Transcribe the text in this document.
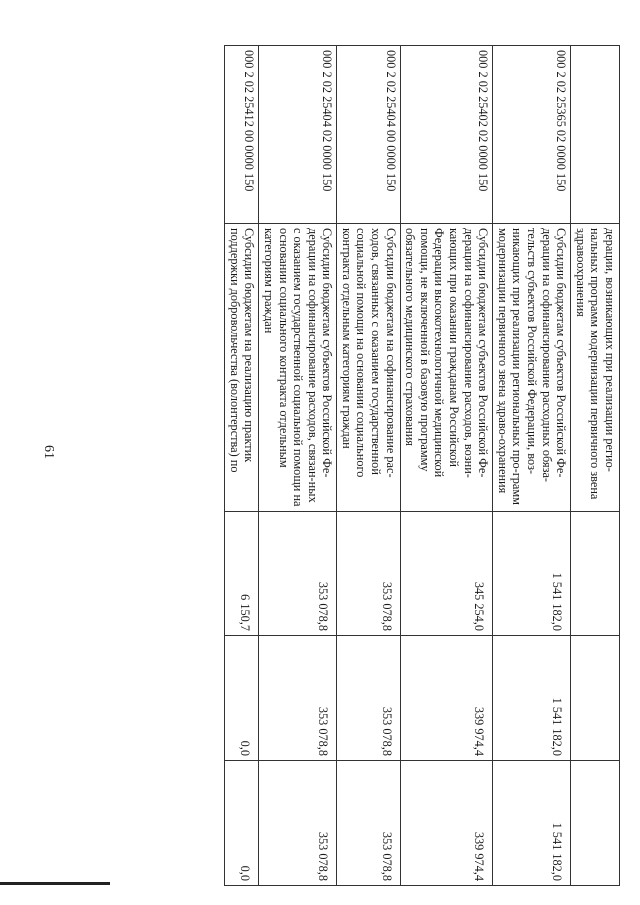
61
		дерации, возникающих при реализации регио-нальных программ модернизации первичного звена здравоохранения			
000 2 02 25365 02 0000 150	Субсидии бюджетам субъектов Российской Фе-дерации на софинансирование расходных обяза-тельств субъектов Российской Федерации, воз-никающих при реализации региональных про-грамм модернизации первичного звена здраво-охранения	1 541 182,0	1 541 182,0	1 541 182,0
000 2 02 25402 02 0000 150	Субсидии бюджетам субъектов Российской Фе-дерации на софинансирование расходов, возни-кающих при оказании гражданам Российской Федерации высокотехнологичной медицинской помощи, не включенной в базовую программу обязательного медицинского страхования	345 254,0	339 974,4	339 974,4
000 2 02 25404 00 0000 150	Субсидии бюджетам на софинансирование рас-ходов, связанных с оказанием государственной социальной помощи на основании социального контракта отдельным категориям граждан	353 078,8	353 078,8	353 078,8
000 2 02 25404 02 0000 150	Субсидии бюджетам субъектов Российской Фе-дерации на софинансирование расходов, связан-ных с оказанием государственной социальной помощи на основании социального контракта отдельным категориям граждан	353 078,8	353 078,8	353 078,8
000 2 02 25412 00 0000 150	Субсидии бюджетам на реализацию практик поддержки добровольчества (волонтерства) по	6 150,7	0,0	0,0
